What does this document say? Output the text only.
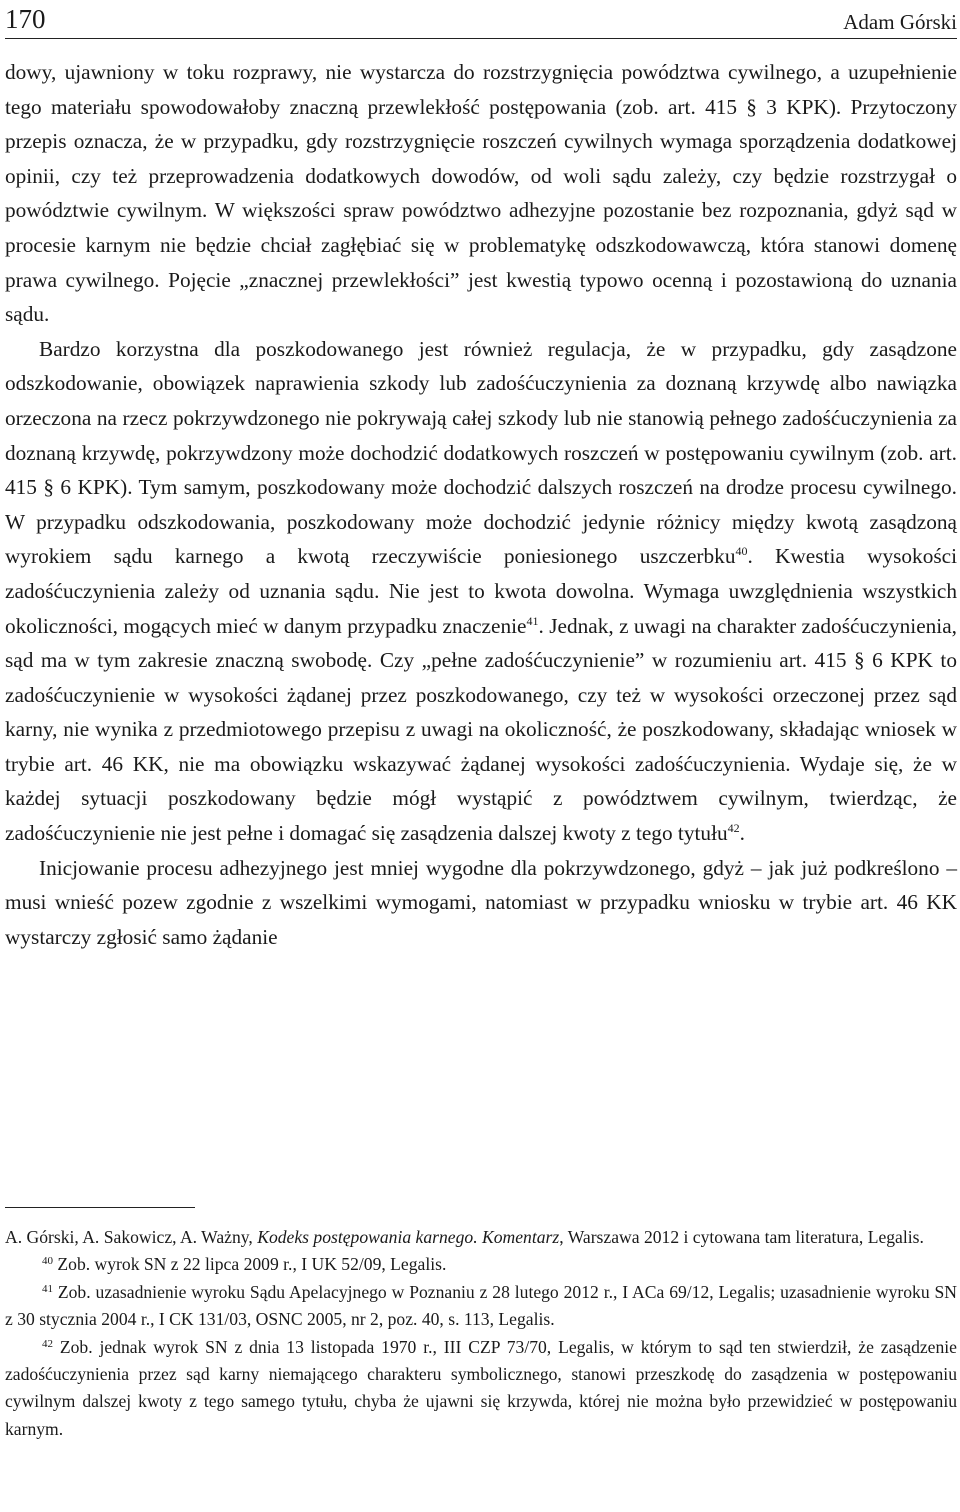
170	Adam Górski

dowy, ujawniony w toku rozprawy, nie wystarcza do rozstrzygnięcia powództwa cywilnego, a uzupełnienie tego materiału spowodowałoby znaczną przewlekłość postępowania (zob. art. 415 § 3 KPK). Przytoczony przepis oznacza, że w przypadku, gdy rozstrzygnięcie roszczeń cywilnych wymaga sporządzenia dodatkowej opinii, czy też przeprowadzenia dodatkowych dowodów, od woli sądu zależy, czy będzie rozstrzygał o powództwie cywilnym. W większości spraw powództwo adhezyjne pozostanie bez rozpoznania, gdyż sąd w procesie karnym nie będzie chciał zagłębiać się w problematykę odszkodowawczą, która stanowi domenę prawa cywilnego. Pojęcie „znacznej przewlekłości” jest kwestią typowo ocenną i pozostawioną do uznania sądu.

Bardzo korzystna dla poszkodowanego jest również regulacja, że w przypadku, gdy zasądzone odszkodowanie, obowiązek naprawienia szkody lub zadośćuczynienia za doznaną krzywdę albo nawiązka orzeczona na rzecz pokrzywdzonego nie pokrywają całej szkody lub nie stanowią pełnego zadośćuczynienia za doznaną krzywdę, pokrzywdzony może dochodzić dodatkowych roszczeń w postępowaniu cywilnym (zob. art. 415 § 6 KPK). Tym samym, poszkodowany może dochodzić dalszych roszczeń na drodze procesu cywilnego. W przypadku odszkodowania, poszkodowany może dochodzić jedynie różnicy między kwotą zasądzoną wyrokiem sądu karnego a kwotą rzeczywiście poniesionego uszczerbku$^{40}$. Kwestia wysokości zadośćuczynienia zależy od uznania sądu. Nie jest to kwota dowolna. Wymaga uwzględnienia wszystkich okoliczności, mogących mieć w danym przypadku znaczenie$^{41}$. Jednak, z uwagi na charakter zadośćuczynienia, sąd ma w tym zakresie znaczną swobodę. Czy „pełne zadośćuczynienie” w rozumieniu art. 415 § 6 KPK to zadośćuczynienie w wysokości żądanej przez poszkodowanego, czy też w wysokości orzeczonej przez sąd karny, nie wynika z przedmiotowego przepisu z uwagi na okoliczność, że poszkodowany, składając wniosek w trybie art. 46 KK, nie ma obowiązku wskazywać żądanej wysokości zadośćuczynienia. Wydaje się, że w każdej sytuacji poszkodowany będzie mógł wystąpić z powództwem cywilnym, twierdząc, że zadośćuczynienie nie jest pełne i domagać się zasądzenia dalszej kwoty z tego tytułu$^{42}$.

Inicjowanie procesu adhezyjnego jest mniej wygodne dla pokrzywdzonego, gdyż – jak już podkreślono – musi wnieść pozew zgodnie z wszelkimi wymogami, natomiast w przypadku wniosku w trybie art. 46 KK wystarczy zgłosić samo żądanie

A. Górski, A. Sakowicz, A. Ważny, Kodeks postępowania karnego. Komentarz, Warszawa 2012 i cytowana tam literatura, Legalis.

$^{40}$ Zob. wyrok SN z 22 lipca 2009 r., I UK 52/09, Legalis.

$^{41}$ Zob. uzasadnienie wyroku Sądu Apelacyjnego w Poznaniu z 28 lutego 2012 r., I ACa 69/12, Legalis; uzasadnienie wyroku SN z 30 stycznia 2004 r., I CK 131/03, OSNC 2005, nr 2, poz. 40, s. 113, Legalis.

$^{42}$ Zob. jednak wyrok SN z dnia 13 listopada 1970 r., III CZP 73/70, Legalis, w którym to sąd ten stwierdził, że zasądzenie zadośćuczynienia przez sąd karny niemającego charakteru symbolicznego, stanowi przeszkodę do zasądzenia w postępowaniu cywilnym dalszej kwoty z tego samego tytułu, chyba że ujawni się krzywda, której nie można było przewidzieć w postępowaniu karnym.
